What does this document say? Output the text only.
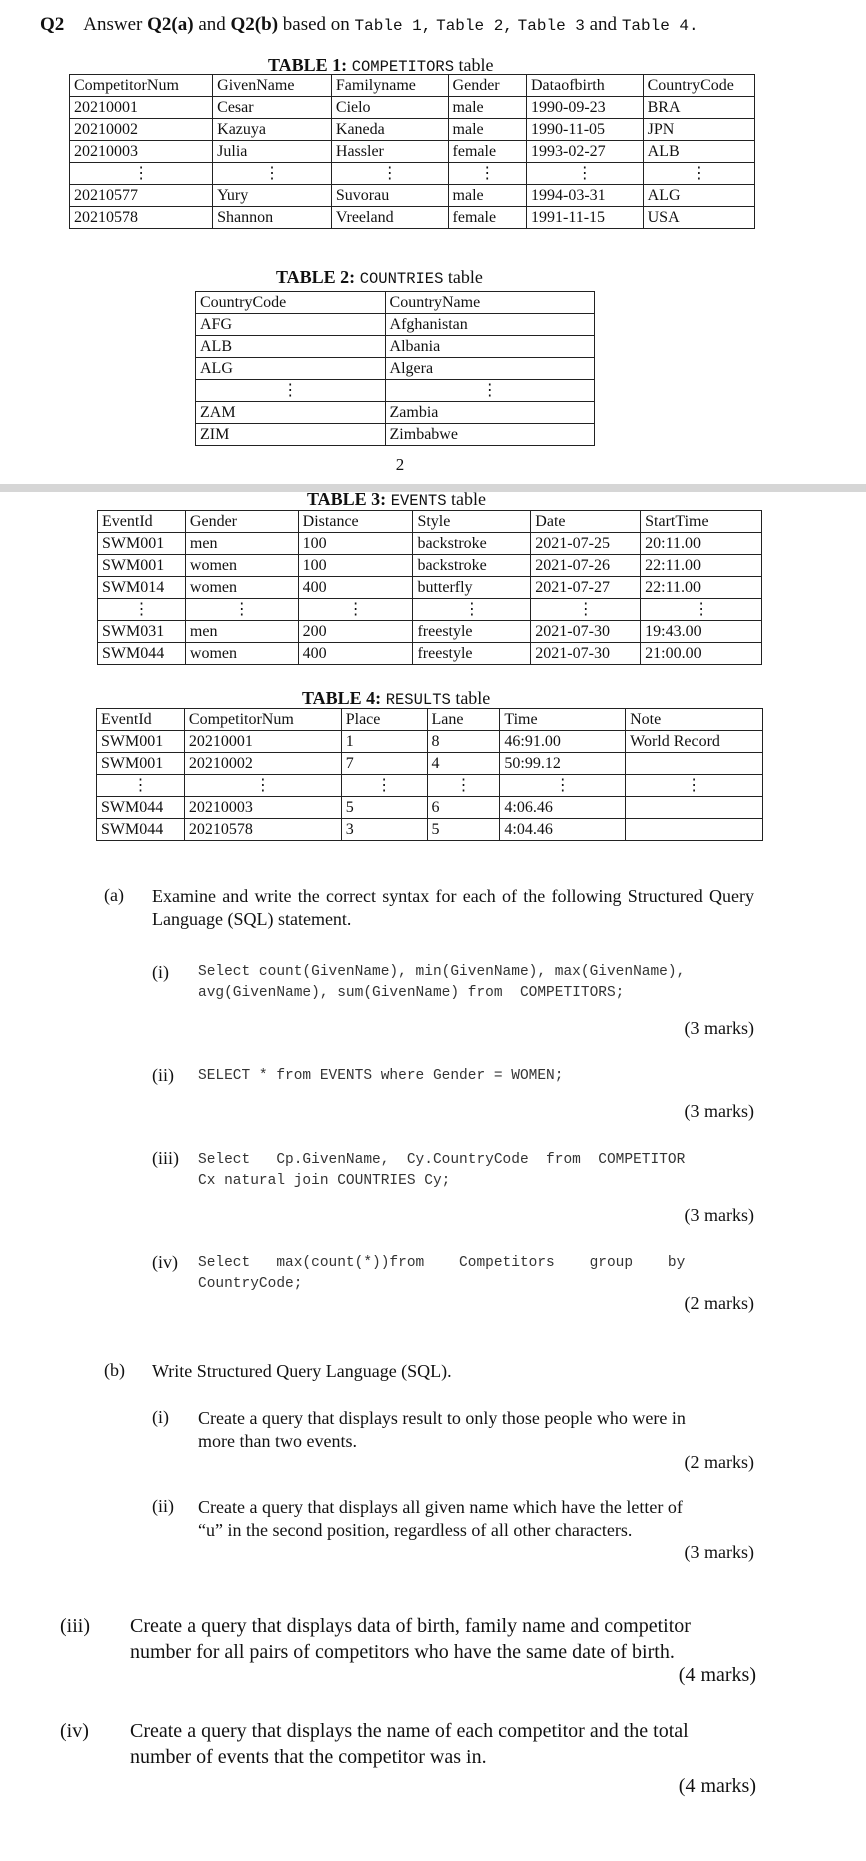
Q2 Answer Q2(a) and Q2(b) based on Table 1, Table 2, Table 3 and Table 4.
TABLE 1: COMPETITORS table
CompetitorNum	GivenName	Familyname	Gender	Dataofbirth	CountryCode
20210001	Cesar	Cielo	male	1990-09-23	BRA
20210002	Kazuya	Kaneda	male	1990-11-05	JPN
20210003	Julia	Hassler	female	1993-02-27	ALB
⋮	⋮	⋮	⋮	⋮	⋮
20210577	Yury	Suvorau	male	1994-03-31	ALG
20210578	Shannon	Vreeland	female	1991-11-15	USA
TABLE 2: COUNTRIES table
CountryCode	CountryName
AFG	Afghanistan
ALB	Albania
ALG	Algera
⋮	⋮
ZAM	Zambia
ZIM	Zimbabwe
2
TABLE 3: EVENTS table
EventId	Gender	Distance	Style	Date	StartTime
SWM001	men	100	backstroke	2021-07-25	20:11.00
SWM001	women	100	backstroke	2021-07-26	22:11.00
SWM014	women	400	butterfly	2021-07-27	22:11.00
⋮	⋮	⋮	⋮	⋮	⋮
SWM031	men	200	freestyle	2021-07-30	19:43.00
SWM044	women	400	freestyle	2021-07-30	21:00.00
TABLE 4: RESULTS table
EventId	CompetitorNum	Place	Lane	Time	Note
SWM001	20210001	1	8	46:91.00	World Record
SWM001	20210002	7	4	50:99.12	
⋮	⋮	⋮	⋮	⋮	⋮
SWM044	20210003	5	6	4:06.46	
SWM044	20210578	3	5	4:04.46	
(a) Examine and write the correct syntax for each of the following Structured Query Language (SQL) statement.
(i) Select count(GivenName), min(GivenName), max(GivenName),
avg(GivenName), sum(GivenName) from  COMPETITORS;
(3 marks)
(ii) SELECT * from EVENTS where Gender = WOMEN;
(3 marks)
(iii) Select   Cp.GivenName,  Cy.CountryCode  from  COMPETITOR
Cx natural join COUNTRIES Cy;
(3 marks)
(iv) Select   max(count(*))from    Competitors    group    by
CountryCode;
(2 marks)
(b) Write Structured Query Language (SQL).
(i) Create a query that displays result to only those people who were in
more than two events.
(2 marks)
(ii) Create a query that displays all given name which have the letter of
“u” in the second position, regardless of all other characters.
(3 marks)
(iii) Create a query that displays data of birth, family name and competitor
number for all pairs of competitors who have the same date of birth.
(4 marks)
(iv) Create a query that displays the name of each competitor and the total
number of events that the competitor was in.
(4 marks)
